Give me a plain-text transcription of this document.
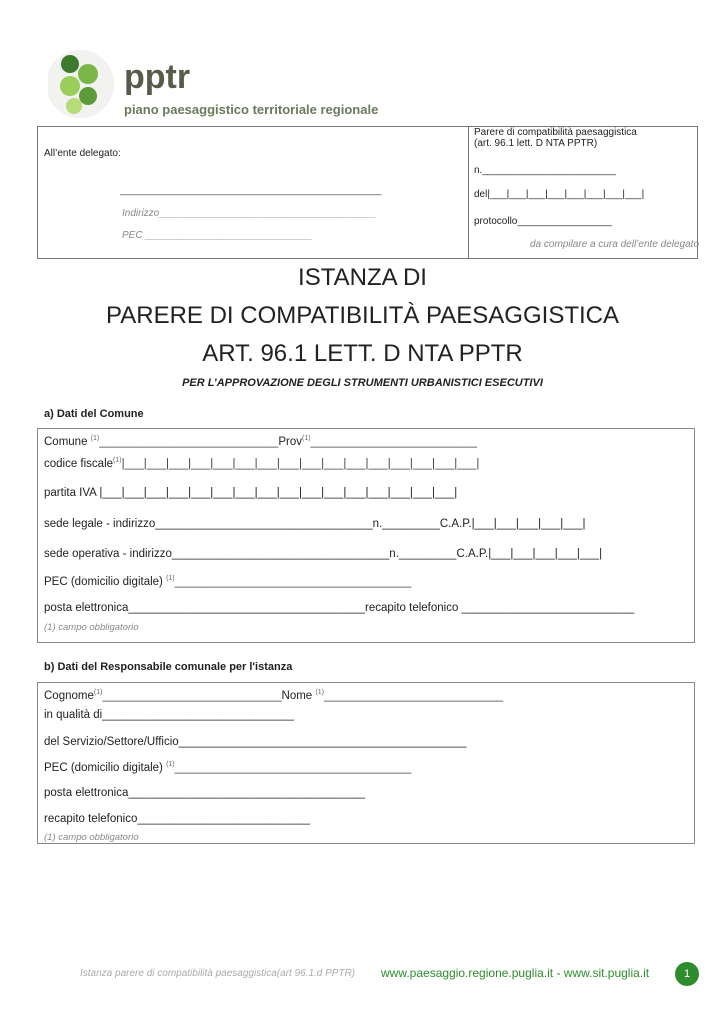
pptr
piano paesaggistico territoriale regionale
All’ente delegato:
_______________________________________________
Indirizzo_______________________________________
PEC ______________________________
Parere di compatibilità paesaggistica
(art. 96.1 lett. D NTA PPTR)
n.________________________
del|___|___|___|___|___|___|___|___|
protocollo_________________
da compilare a cura dell’ente delegato
ISTANZA DI
PARERE DI COMPATIBILITÀ PAESAGGISTICA
ART. 96.1 LETT. D NTA PPTR
PER L’APPROVAZIONE DEGLI STRUMENTI URBANISTICI ESECUTIVI
a) Dati del Comune
Comune $^{(1)}$____________________________Prov$^{(1)}$__________________________
codice fiscale$^{(1)}$|___|___|___|___|___|___|___|___|___|___|___|___|___|___|___|___|
partita IVA |___|___|___|___|___|___|___|___|___|___|___|___|___|___|___|___|
sede legale - indirizzo__________________________________n._________C.A.P.|___|___|___|___|___|
sede operativa - indirizzo__________________________________n._________C.A.P.|___|___|___|___|___|
PEC (domicilio digitale) $^{(1)}$_____________________________________
posta elettronica_____________________________________recapito telefonico ___________________________
(1) campo obbligatorio
b) Dati del Responsabile comunale per l'istanza
Cognome$^{(1)}$____________________________Nome $^{(1)}$____________________________
in qualità di______________________________
del Servizio/Settore/Ufficio_____________________________________________
PEC (domicilio digitale) $^{(1)}$_____________________________________
posta elettronica_____________________________________
recapito telefonico___________________________
(1) campo obbligatorio
Istanza parere di compatibilità paesaggistica(art 96.1.d PPTR) www.paesaggio.regione.puglia.it - www.sit.puglia.it	1
